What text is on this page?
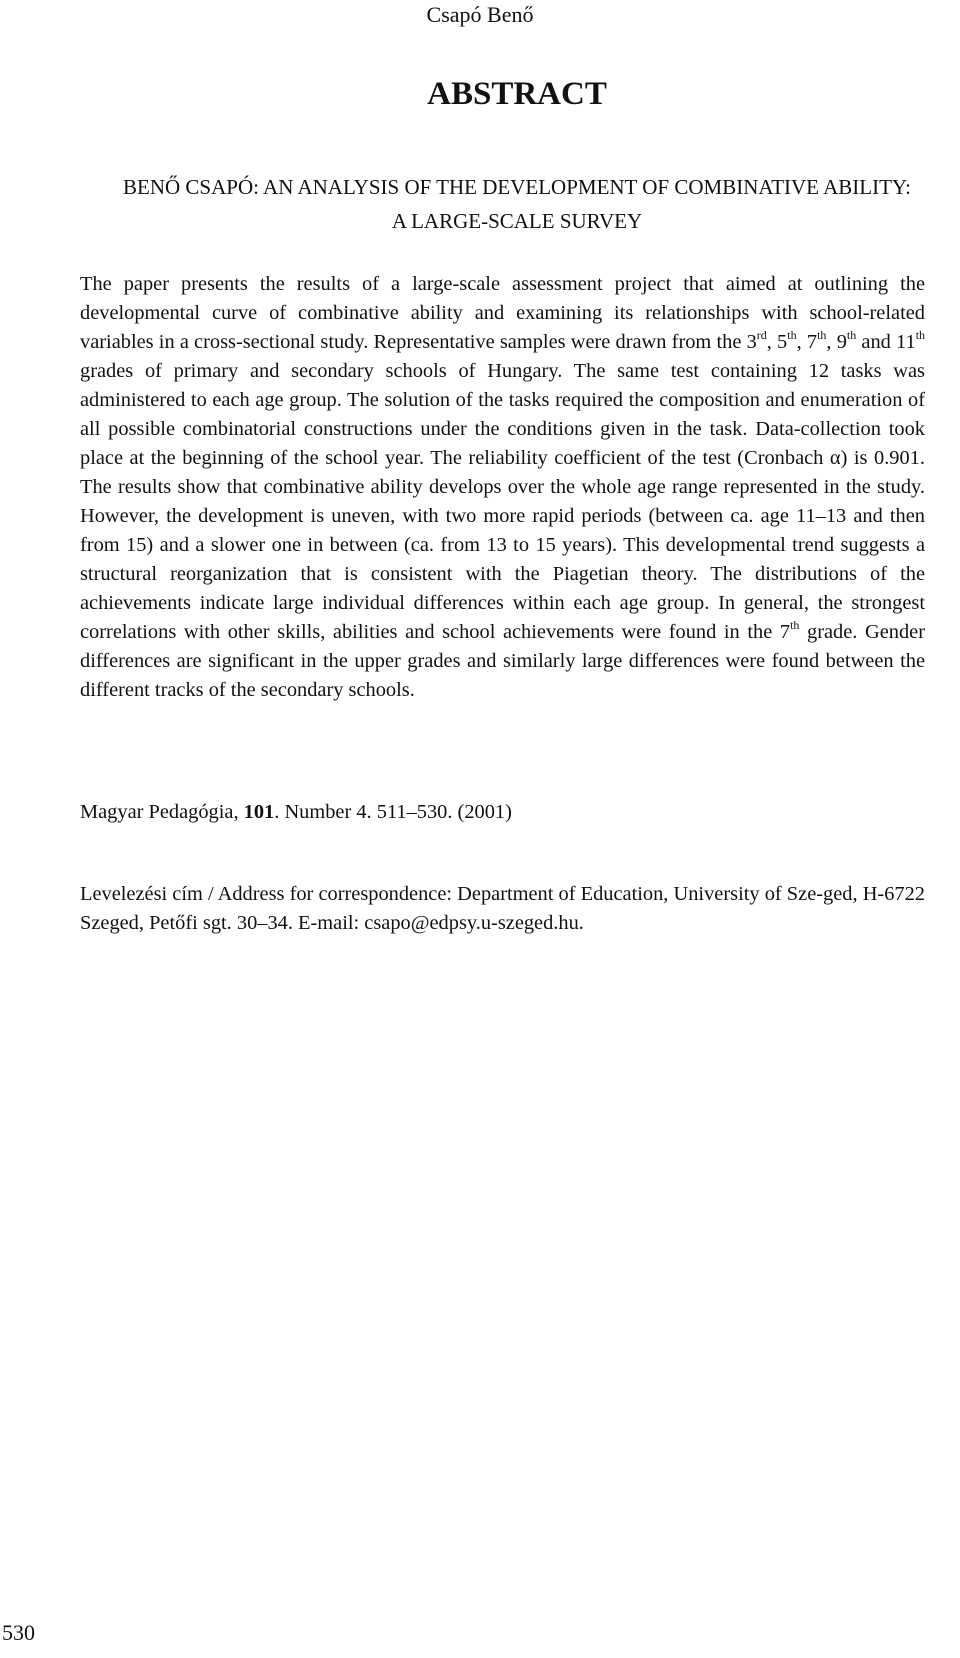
Csapó Benő
ABSTRACT
BENŐ CSAPÓ: AN ANALYSIS OF THE DEVELOPMENT OF COMBINATIVE ABILITY:
A LARGE-SCALE SURVEY

The paper presents the results of a large-scale assessment project that aimed at outlining the developmental curve of combinative ability and examining its relationships with school-related variables in a cross-sectional study. Representative samples were drawn from the 3rd, 5th, 7th, 9th and 11th grades of primary and secondary schools of Hungary. The same test containing 12 tasks was administered to each age group. The solution of the tasks required the composition and enumeration of all possible combinatorial constructions under the conditions given in the task. Data-collection took place at the beginning of the school year. The reliability coefficient of the test (Cronbach α) is 0.901. The results show that combinative ability develops over the whole age range represented in the study. However, the development is uneven, with two more rapid periods (between ca. age 11–13 and then from 15) and a slower one in between (ca. from 13 to 15 years). This developmental trend suggests a structural reorganization that is consistent with the Piagetian theory. The distributions of the achievements indicate large individual differences within each age group. In general, the strongest correlations with other skills, abilities and school achievements were found in the 7th grade. Gender differences are significant in the upper grades and similarly large differences were found between the different tracks of the secondary schools.

Magyar Pedagógia, 101. Number 4. 511–530. (2001)

Levelezési cím / Address for correspondence: Department of Education, University of Sze-ged, H-6722 Szeged, Petőfi sgt. 30–34. E-mail: csapo@edpsy.u-szeged.hu.

530
